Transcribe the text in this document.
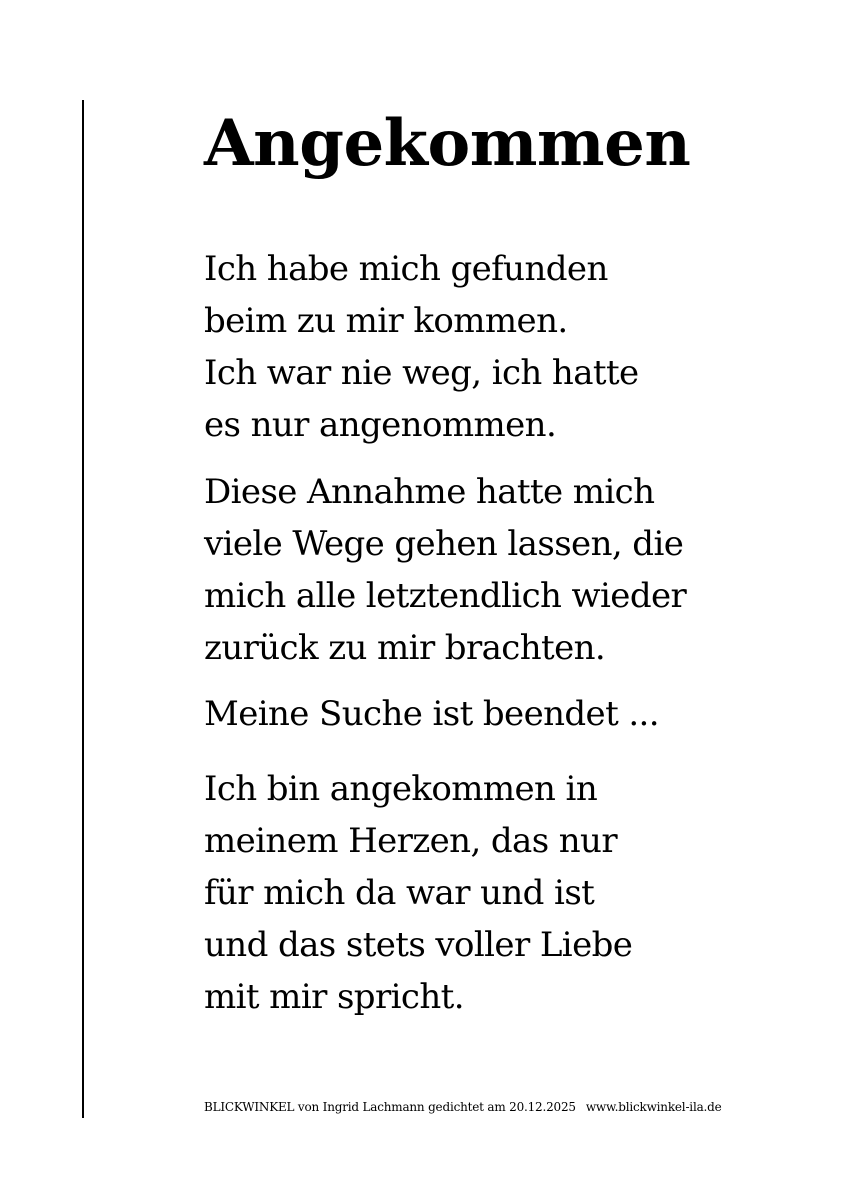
Angekommen

Ich habe mich gefunden
beim zu mir kommen.
Ich war nie weg, ich hatte
es nur angenommen.

Diese Annahme hatte mich
viele Wege gehen lassen, die
mich alle letztendlich wieder
zurück zu mir brachten.

Meine Suche ist beendet ...

Ich bin angekommen in
meinem Herzen, das nur
für mich da war und ist
und das stets voller Liebe
mit mir spricht.

BLICKWINKEL von Ingrid Lachmann gedichtet am 20.12.2025 www.blickwinkel-ila.de
